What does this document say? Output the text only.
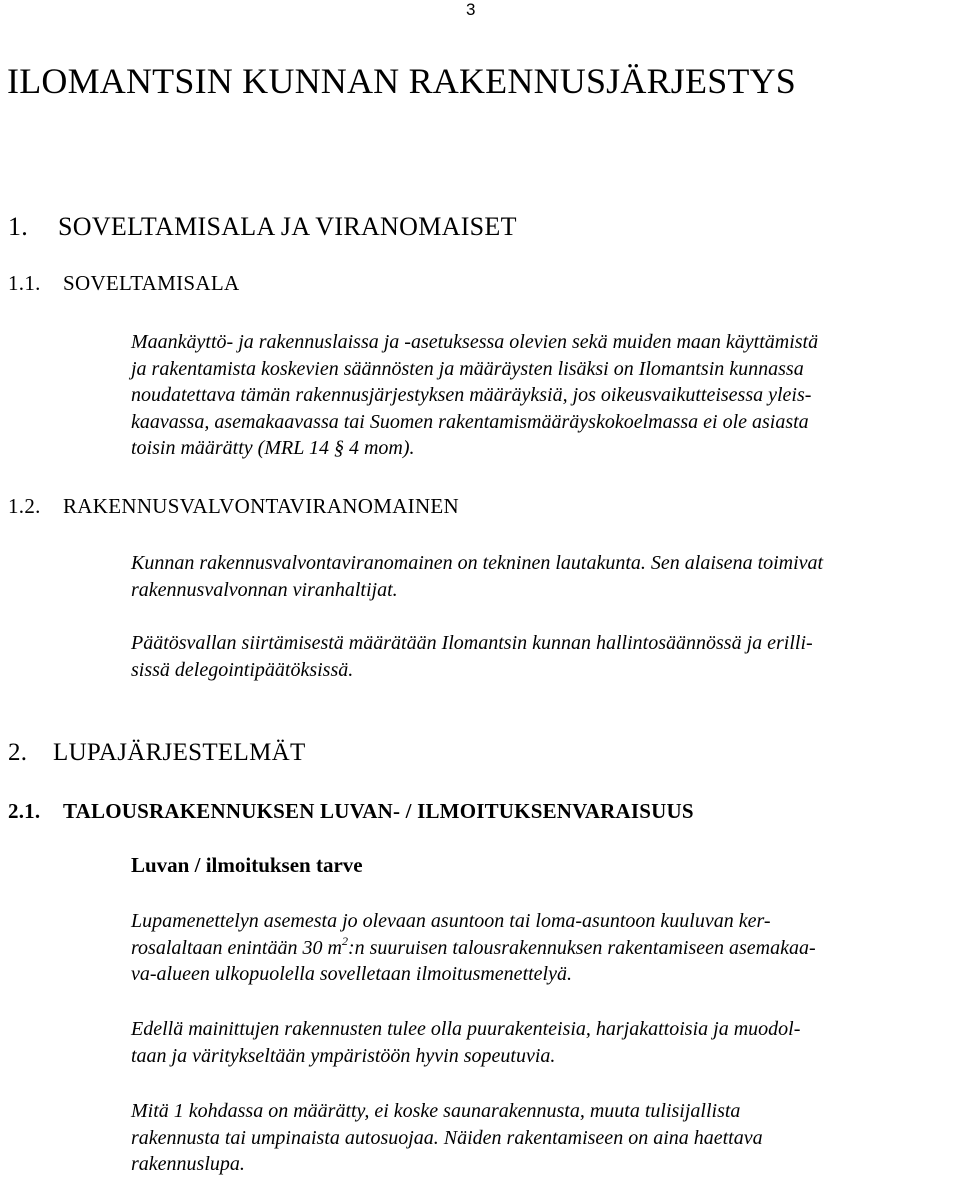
3
ILOMANTSIN KUNNAN RAKENNUSJÄRJESTYS
1. SOVELTAMISALA JA VIRANOMAISET
1.1. SOVELTAMISALA
Maankäyttö- ja rakennuslaissa ja -asetuksessa olevien sekä muiden maan käyttämistä
ja rakentamista koskevien säännösten ja määräysten lisäksi on Ilomantsin kunnassa
noudatettava tämän rakennusjärjestyksen määräyksiä, jos oikeusvaikutteisessa yleis-
kaavassa, asemakaavassa tai Suomen rakentamismääräyskokoelmassa ei ole asiasta
toisin määrätty (MRL 14 § 4 mom).
1.2. RAKENNUSVALVONTAVIRANOMAINEN
Kunnan rakennusvalvontaviranomainen on tekninen lautakunta. Sen alaisena toimivat
rakennusvalvonnan viranhaltijat.
Päätösvallan siirtämisestä määrätään Ilomantsin kunnan hallintosäännössä ja erilli-
sissä delegointipäätöksissä.
2. LUPAJÄRJESTELMÄT
2.1. TALOUSRAKENNUKSEN LUVAN- / ILMOITUKSENVARAISUUS
Luvan / ilmoituksen tarve
Lupamenettelyn asemesta jo olevaan asuntoon tai loma-asuntoon kuuluvan ker-
rosalaltaan enintään 30 $m^2:n$ suuruisen talousrakennuksen rakentamiseen asemakaa-
va-alueen ulkopuolella sovelletaan ilmoitusmenettelyä.
Edellä mainittujen rakennusten tulee olla puurakenteisia, harjakattoisia ja muodol-
taan ja väritykseltään ympäristöön hyvin sopeutuvia.
Mitä 1 kohdassa on määrätty, ei koske saunarakennusta, muuta tulisijallista
rakennusta tai umpinaista autosuojaa. Näiden rakentamiseen on aina haettava
rakennuslupa.
